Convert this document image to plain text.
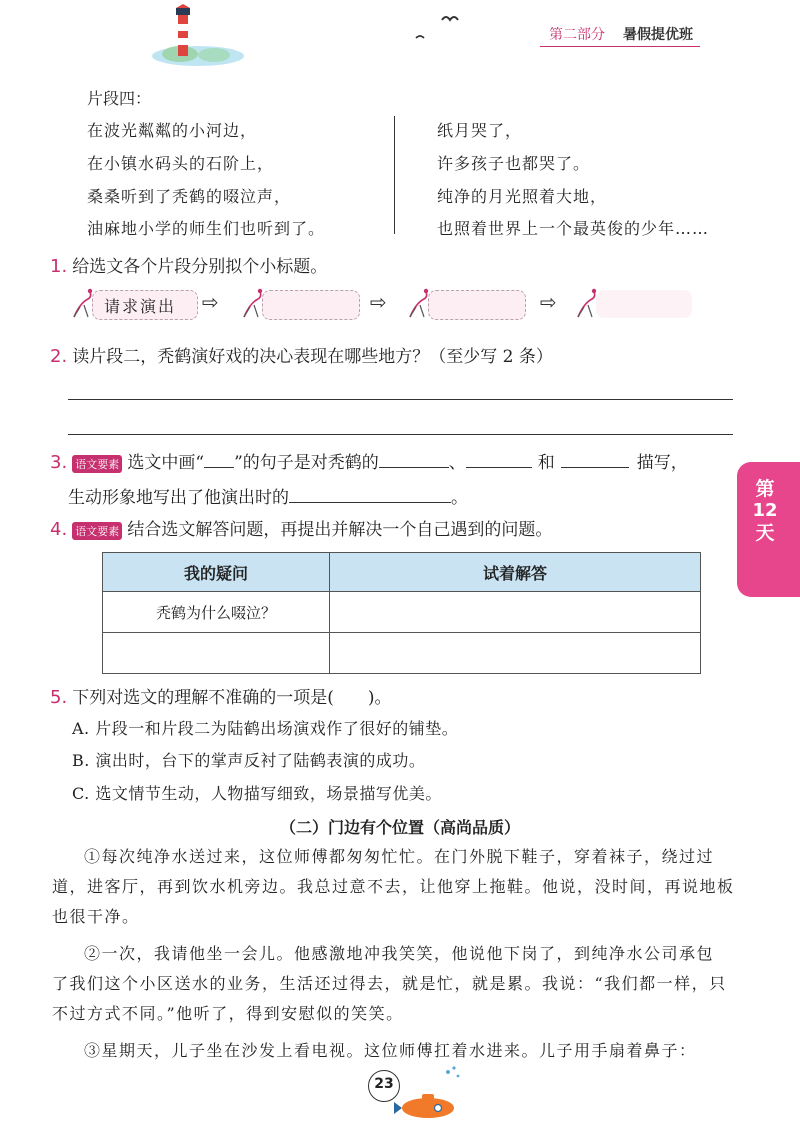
第二部分 暑假提优班
片段四：
在波光粼粼的小河边，
在小镇水码头的石阶上，
桑桑听到了秃鹤的啜泣声，
油麻地小学的师生们也听到了。
纸月哭了，
许多孩子也都哭了。
纯净的月光照着大地，
也照着世界上一个最英俊的少年……
1. 给选文各个片段分别拟个小标题。
请求演出 ⇨	⇨	⇨
2. 读片段二，秃鹤演好戏的决心表现在哪些地方？（至少写 2 条）
3. 语文要素 选文中画“ ”的句子是对秃鹤的	、	和	描写，
生动形象地写出了他演出时的	。
4. 语文要素 结合选文解答问题，再提出并解决一个自己遇到的问题。
我的疑问	试着解答
秃鹤为什么啜泣？	

5. 下列对选文的理解不准确的一项是(　　)。
A. 片段一和片段二为陆鹤出场演戏作了很好的铺垫。
B. 演出时，台下的掌声反衬了陆鹤表演的成功。
C. 选文情节生动，人物描写细致，场景描写优美。
（二）门边有个位置（高尚品质）
①每次纯净水送过来，这位师傅都匆匆忙忙。在门外脱下鞋子，穿着袜子，绕过过
道，进客厅，再到饮水机旁边。我总过意不去，让他穿上拖鞋。他说，没时间，再说地板
也很干净。
②一次，我请他坐一会儿。他感激地冲我笑笑，他说他下岗了，到纯净水公司承包
了我们这个小区送水的业务，生活还过得去，就是忙，就是累。我说：“我们都一样，只
不过方式不同。”他听了，得到安慰似的笑笑。
③星期天，儿子坐在沙发上看电视。这位师傅扛着水进来。儿子用手扇着鼻子：
第
12
天
23
